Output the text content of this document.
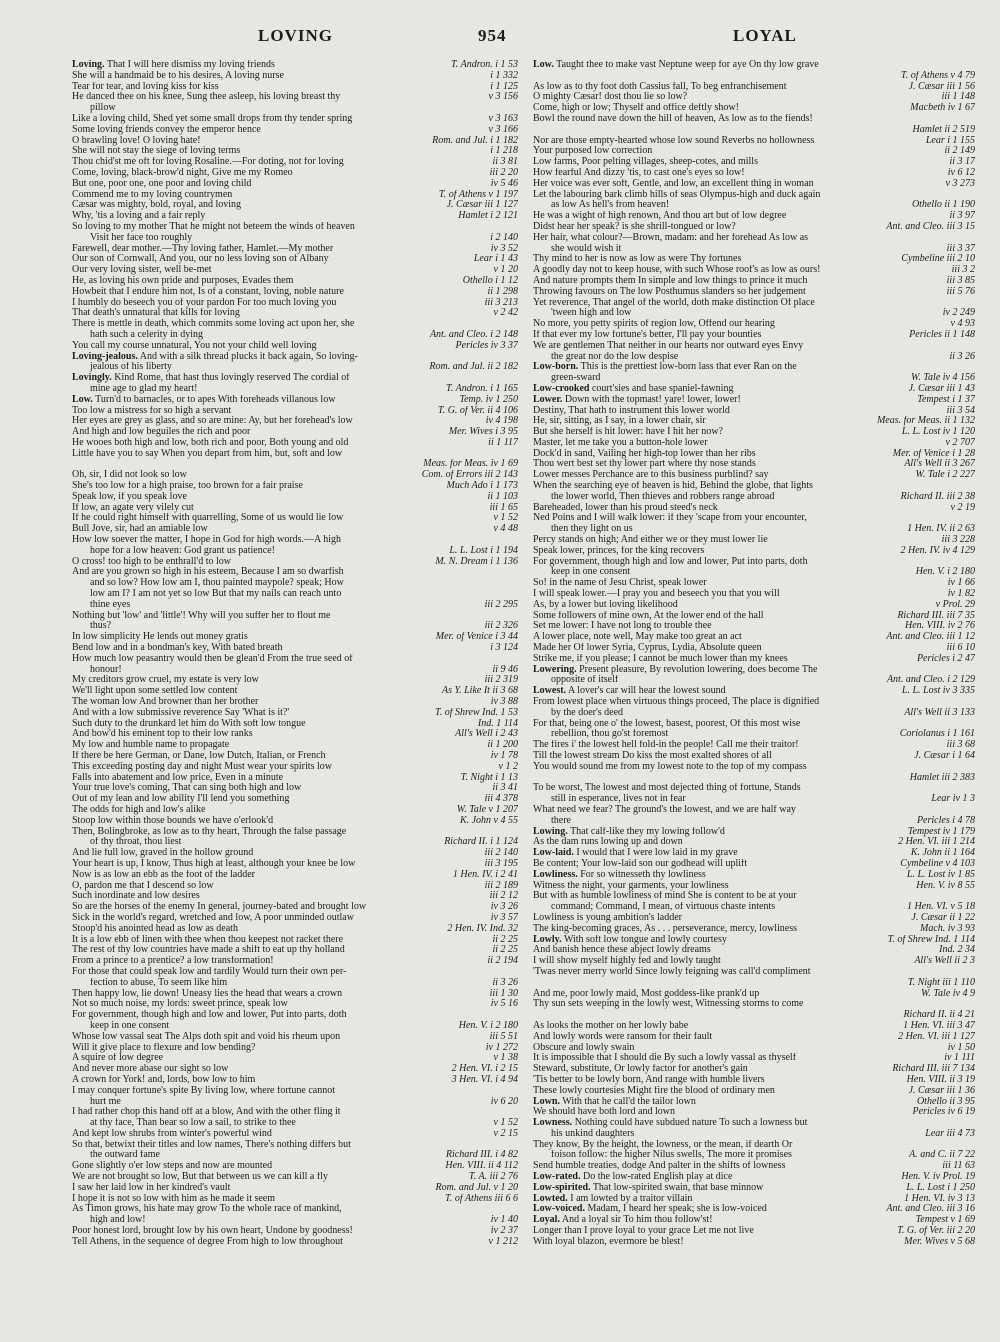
LOVING	954	LOYAL
Loving. That I will here dismiss my loving friends	T. Andron. i 1 53
She will a handmaid be to his desires, A loving nurse	i 1 332
Tear for tear, and loving kiss for kiss	i 1 125
He danced thee on his knee, Sung thee asleep, his loving breast thy	v 3 156
pillow
Like a loving child, Shed yet some small drops from thy tender spring	v 3 163
Some loving friends convey the emperor hence	v 3 166
O brawling love! O loving hate!	Rom. and Jul. i 1 182
She will not stay the siege of loving terms	i 1 218
Thou chid'st me oft for loving Rosaline.—For doting, not for loving	ii 3 81
Come, loving, black-brow'd night, Give me my Romeo	iii 2 20
But one, poor one, one poor and loving child	iv 5 46
Commend me to my loving countrymen	T. of Athens v 1 197
Cæsar was mighty, bold, royal, and loving	J. Cæsar iii 1 127
Why, 'tis a loving and a fair reply	Hamlet i 2 121
So loving to my mother That he might not beteem the winds of heaven
Visit her face too roughly	i 2 140
Farewell, dear mother.—Thy loving father, Hamlet.—My mother	iv 3 52
Our son of Cornwall, And you, our no less loving son of Albany	Lear i 1 43
Our very loving sister, well be-met	v 1 20
He, as loving his own pride and purposes, Evades them	Othello i 1 12
Howbeit that I endure him not, Is of a constant, loving, noble nature	ii 1 298
I humbly do beseech you of your pardon For too much loving you	iii 3 213
That death's unnatural that kills for loving	v 2 42
There is mettle in death, which commits some loving act upon her, she
hath such a celerity in dying	Ant. and Cleo. i 2 148
You call my course unnatural, You not your child well loving	Pericles iv 3 37
Loving-jealous. And with a silk thread plucks it back again, So loving-
jealous of his liberty	Rom. and Jul. ii 2 182
Lovingly. Kind Rome, that hast thus lovingly reserved The cordial of
mine age to glad my heart!	T. Andron. i 1 165
Low. Turn'd to barnacles, or to apes With foreheads villanous low	Temp. iv 1 250
Too low a mistress for so high a servant	T. G. of Ver. ii 4 106
Her eyes are grey as glass, and so are mine: Ay, but her forehead's low	iv 4 198
And high and low beguiles the rich and poor	Mer. Wives i 3 95
He wooes both high and low, both rich and poor, Both young and old	ii 1 117
Little have you to say When you depart from him, but, soft and low
Meas. for Meas. iv 1 69
Oh, sir, I did not look so low	Com. of Errors iii 2 143
She's too low for a high praise, too brown for a fair praise	Much Ado i 1 173
Speak low, if you speak love	ii 1 103
If low, an agate very vilely cut	iii 1 65
If he could right himself with quarrelling, Some of us would lie low	v 1 52
Bull Jove, sir, had an amiable low	v 4 48
How low soever the matter, I hope in God for high words.—A high
hope for a low heaven: God grant us patience!	L. L. Lost i 1 194
O cross! too high to be enthrall'd to low	M. N. Dream i 1 136
And are you grown so high in his esteem, Because I am so dwarfish
and so low? How low am I, thou painted maypole? speak; How
low am I? I am not yet so low But that my nails can reach unto
thine eyes	iii 2 295
Nothing but 'low' and 'little'! Why will you suffer her to flout me
thus?	iii 2 326
In low simplicity He lends out money gratis	Mer. of Venice i 3 44
Bend low and in a bondman's key, With bated breath	i 3 124
How much low peasantry would then be glean'd From the true seed of
honour!	ii 9 46
My creditors grow cruel, my estate is very low	iii 2 319
We'll light upon some settled low content	As Y. Like It ii 3 68
The woman low And browner than her brother	iv 3 88
And with a low submissive reverence Say 'What is it?'	T. of Shrew Ind. 1 53
Such duty to the drunkard let him do With soft low tongue	Ind. 1 114
And bow'd his eminent top to their low ranks	All's Well i 2 43
My low and humble name to propagate	ii 1 200
If there be here German, or Dane, low Dutch, Italian, or French	iv 1 78
This exceeding posting day and night Must wear your spirits low	v 1 2
Falls into abatement and low price, Even in a minute	T. Night i 1 13
Your true love's coming, That can sing both high and low	ii 3 41
Out of my lean and low ability I'll lend you something	iii 4 378
The odds for high and low's alike	W. Tale v 1 207
Stoop low within those bounds we have o'erlook'd	K. John v 4 55
Then, Bolingbroke, as low as to thy heart, Through the false passage
of thy throat, thou liest	Richard II. i 1 124
And lie full low, graved in the hollow ground	iii 2 140
Your heart is up, I know, Thus high at least, although your knee be low	iii 3 195
Now is as low an ebb as the foot of the ladder	1 Hen. IV. i 2 41
O, pardon me that I descend so low	iii 2 189
Such inordinate and low desires	iii 2 12
So are the horses of the enemy In general, journey-bated and brought low	iv 3 26
Sick in the world's regard, wretched and low, A poor unminded outlaw	iv 3 57
Stoop'd his anointed head as low as death	2 Hen. IV. Ind. 32
It is a low ebb of linen with thee when thou keepest not racket there	ii 2 25
The rest of thy low countries have made a shift to eat up thy holland	ii 2 25
From a prince to a prentice? a low transformation!	ii 2 194
For those that could speak low and tardily Would turn their own per-
fection to abuse, To seem like him	ii 3 26
Then happy low, lie down! Uneasy lies the head that wears a crown	iii 1 30
Not so much noise, my lords: sweet prince, speak low	iv 5 16
For government, though high and low and lower, Put into parts, doth
keep in one consent	Hen. V. i 2 180
Whose low vassal seat The Alps doth spit and void his rheum upon	iii 5 51
Will it give place to flexure and low bending?	iv 1 272
A squire of low degree	v 1 38
And never more abase our sight so low	2 Hen. VI. i 2 15
A crown for York! and, lords, bow low to him	3 Hen. VI. i 4 94
I may conquer fortune's spite By living low, where fortune cannot
hurt me	iv 6 20
I had rather chop this hand off at a blow, And with the other fling it
at thy face, Than bear so low a sail, to strike to thee	v 1 52
And kept low shrubs from winter's powerful wind	v 2 15
So that, betwixt their titles and low names, There's nothing differs but
the outward fame	Richard III. i 4 82
Gone slightly o'er low steps and now are mounted	Hen. VIII. ii 4 112
We are not brought so low, But that between us we can kill a fly	T. A. iii 2 76
I saw her laid low in her kindred's vault	Rom. and Jul. v 1 20
I hope it is not so low with him as he made it seem	T. of Athens iii 6 6
As Timon grows, his hate may grow To the whole race of mankind,
high and low!	iv 1 40
Poor honest lord, brought low by his own heart, Undone by goodness!	iv 2 37
Tell Athens, in the sequence of degree From high to low throughout	v 1 212
Low. Taught thee to make vast Neptune weep for aye On thy low grave
T. of Athens v 4 79
As low as to thy foot doth Cassius fall, To beg enfranchisement	J. Cæsar iii 1 56
O mighty Cæsar! dost thou lie so low?	iii 1 148
Come, high or low; Thyself and office deftly show!	Macbeth iv 1 67
Bowl the round nave down the hill of heaven, As low as to the fiends!
Hamlet ii 2 519
Nor are those empty-hearted whose low sound Reverbs no hollowness	Lear i 1 155
Your purposed low correction	ii 2 149
Low farms, Poor pelting villages, sheep-cotes, and mills	ii 3 17
How fearful And dizzy 'tis, to cast one's eyes so low!	iv 6 12
Her voice was ever soft, Gentle, and low, an excellent thing in woman	v 3 273
Let the labouring bark climb hills of seas Olympus-high and duck again
as low As hell's from heaven!	Othello ii 1 190
He was a wight of high renown, And thou art but of low degree	ii 3 97
Didst hear her speak? is she shrill-tongued or low?	Ant. and Cleo. iii 3 15
Her hair, what colour?—Brown, madam: and her forehead As low as
she would wish it	iii 3 37
Thy mind to her is now as low as were Thy fortunes	Cymbeline iii 2 10
A goodly day not to keep house, with such Whose roof's as low as ours!	iii 3 2
And nature prompts them In simple and low things to prince it much	iii 3 85
Throwing favours on The low Posthumus slanders so her judgement	iii 5 76
Yet reverence, That angel of the world, doth make distinction Of place
'tween high and low	iv 2 249
No more, you petty spirits of region low, Offend our hearing	v 4 93
If that ever my low fortune's better, I'll pay your bounties	Pericles ii 1 148
We are gentlemen That neither in our hearts nor outward eyes Envy
the great nor do the low despise	ii 3 26
Low-born. This is the prettiest low-born lass that ever Ran on the
green-sward	W. Tale iv 4 156
Low-crooked court'sies and base spaniel-fawning	J. Cæsar iii 1 43
Lower. Down with the topmast! yare! lower, lower!	Tempest i 1 37
Destiny, That hath to instrument this lower world	iii 3 54
He, sir, sitting, as I say, in a lower chair, sir	Meas. for Meas. ii 1 132
But she herself is hit lower: have I hit her now?	L. L. Lost iv 1 120
Master, let me take you a button-hole lower	v 2 707
Dock'd in sand, Vailing her high-top lower than her ribs	Mer. of Venice i 1 28
Thou wert best set thy lower part where thy nose stands	All's Well ii 3 267
Lower messes Perchance are to this business purblind? say	W. Tale i 2 227
When the searching eye of heaven is hid, Behind the globe, that lights
the lower world, Then thieves and robbers range abroad	Richard II. iii 2 38
Bareheaded, lower than his proud steed's neck	v 2 19
Ned Poins and I will walk lower: if they 'scape from your encounter,
then they light on us	1 Hen. IV. ii 2 63
Percy stands on high; And either we or they must lower lie	iii 3 228
Speak lower, princes, for the king recovers	2 Hen. IV. iv 4 129
For government, though high and low and lower, Put into parts, doth
keep in one consent	Hen. V. i 2 180
So! in the name of Jesu Christ, speak lower	iv 1 66
I will speak lower.—I pray you and beseech you that you will	iv 1 82
As, by a lower but loving likelihood	v Prol. 29
Some followers of mine own, At the lower end of the hall	Richard III. iii 7 35
Set me lower: I have not long to trouble thee	Hen. VIII. iv 2 76
A lower place, note well, May make too great an act	Ant. and Cleo. iii 1 12
Made her Of lower Syria, Cyprus, Lydia, Absolute queen	iii 6 10
Strike me, if you please; I cannot be much lower than my knees	Pericles i 2 47
Lowering. Present pleasure, By revolution lowering, does become The
opposite of itself	Ant. and Cleo. i 2 129
Lowest. A lover's car will hear the lowest sound	L. L. Lost iv 3 335
From lowest place when virtuous things proceed, The place is dignified
by the doer's deed	All's Well ii 3 133
For that, being one o' the lowest, basest, poorest, Of this most wise
rebellion, thou go'st foremost	Coriolanus i 1 161
The fires i' the lowest hell fold-in the people! Call me their traitor!	iii 3 68
Till the lowest stream Do kiss the most exalted shores of all	J. Cæsar i 1 64
You would sound me from my lowest note to the top of my compass
Hamlet iii 2 383
To be worst, The lowest and most dejected thing of fortune, Stands
still in esperance, lives not in fear	Lear iv 1 3
What need we fear? The ground's the lowest, and we are half way
there	Pericles i 4 78
Lowing. That calf-like they my lowing follow'd	Tempest iv 1 179
As the dam runs lowing up and down	2 Hen. VI. iii 1 214
Low-laid. I would that I were low laid in my grave	K. John ii 1 164
Be content; Your low-laid son our godhead will uplift	Cymbeline v 4 103
Lowliness. For so witnesseth thy lowliness	L. L. Lost iv 1 85
Witness the night, your garments, your lowliness	Hen. V. iv 8 55
But with as humble lowliness of mind She is content to be at your
command; Command, I mean, of virtuous chaste intents	1 Hen. VI. v 5 18
Lowliness is young ambition's ladder	J. Cæsar ii 1 22
The king-becoming graces, As . . . perseverance, mercy, lowliness	Mach. iv 3 93
Lowly. With soft low tongue and lowly courtesy	T. of Shrew Ind. 1 114
And banish hence these abject lowly dreams	Ind. 2 34
I will show myself highly fed and lowly taught	All's Well ii 2 3
'Twas never merry world Since lowly feigning was call'd compliment
T. Night iii 1 110
And me, poor lowly maid, Most goddess-like prank'd up	W. Tale iv 4 9
Thy sun sets weeping in the lowly west, Witnessing storms to come
Richard II. ii 4 21
As looks the mother on her lowly babe	1 Hen. VI. iii 3 47
And lowly words were ransom for their fault	2 Hen. VI. iii 1 127
Obscure and lowly swain	iv 1 50
It is impossible that I should die By such a lowly vassal as thyself	iv 1 111
Steward, substitute, Or lowly factor for another's gain	Richard III. iii 7 134
'Tis better to be lowly born, And range with humble livers	Hen. VIII. ii 3 19
These lowly courtesies Might fire the blood of ordinary men	J. Cæsar iii 1 36
Lown. With that he call'd the tailor lown	Othello ii 3 95
We should have both lord and lown	Pericles iv 6 19
Lowness. Nothing could have subdued nature To such a lowness but
his unkind daughters	Lear iii 4 73
They know, By the height, the lowness, or the mean, if dearth Or
foison follow: the higher Nilus swells, The more it promises	A. and C. ii 7 22
Send humble treaties, dodge And palter in the shifts of lowness	iii 11 63
Low-rated. Do the low-rated English play at dice	Hen. V. iv Prol. 19
Low-spirited. That low-spirited swain, that base minnow	L. L. Lost i 1 250
Lowted. I am lowted by a traitor villain	1 Hen. VI. iv 3 13
Low-voiced. Madam, I heard her speak; she is low-voiced	Ant. and Cleo. iii 3 16
Loyal. And a loyal sir To him thou follow'st!	Tempest v 1 69
Longer than I prove loyal to your grace Let me not live	T. G. of Ver. iii 2 20
With loyal blazon, evermore be blest!	Mer. Wives v 5 68
